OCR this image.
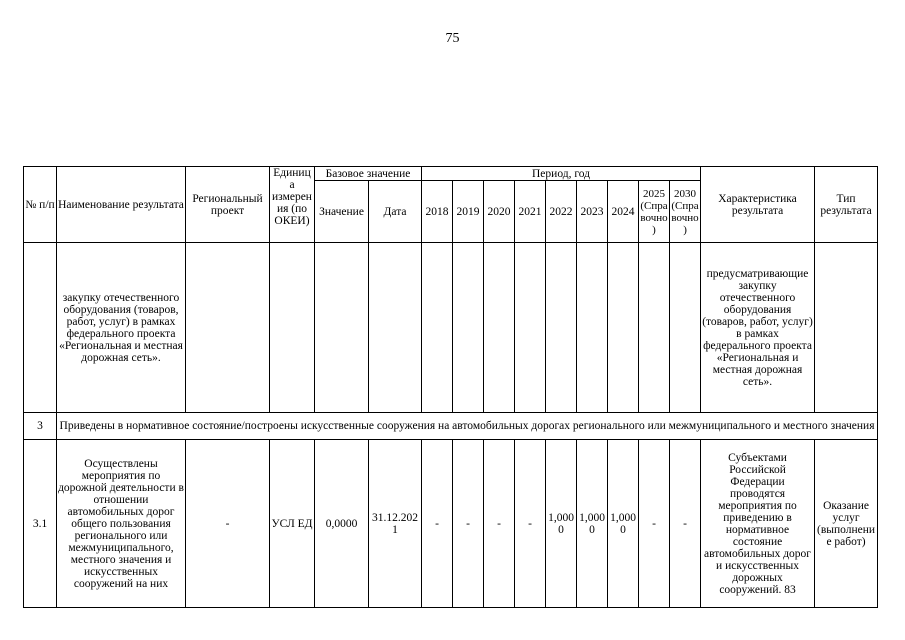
75
№ п/п	Наименование результата	Региональный проект	Единица измерения (по ОКЕИ)	Базовое значение		Период, год									Характеристика результата	Тип результата
				Значение	Дата	2018	2019	2020	2021	2022	2023	2024	2025 (Справочно)	2030 (Справочно)		
	закупку отечественного оборудования (товаров, работ, услуг) в рамках федерального проекта «Региональная и местная дорожная сеть».														предусматривающие закупку отечественного оборудования (товаров, работ, услуг) в рамках федерального проекта «Региональная и местная дорожная сеть».	
3	Приведены в нормативное состояние/построены искусственные сооружения на автомобильных дорогах регионального или межмуниципального и местного значения															
3.1	Осуществлены мероприятия по дорожной деятельности в отношении автомобильных дорог общего пользования регионального или межмуниципального, местного значения и искусственных сооружений на них	-	УСЛ ЕД	0,0000	31.12.2021	-	-	-	-	1,0000	1,0000	1,0000	-	-	Субъектами Российской Федерации проводятся мероприятия по приведению в нормативное состояние автомобильных дорог и искусственных дорожных сооружений. 83	Оказание услуг (выполнение работ)
